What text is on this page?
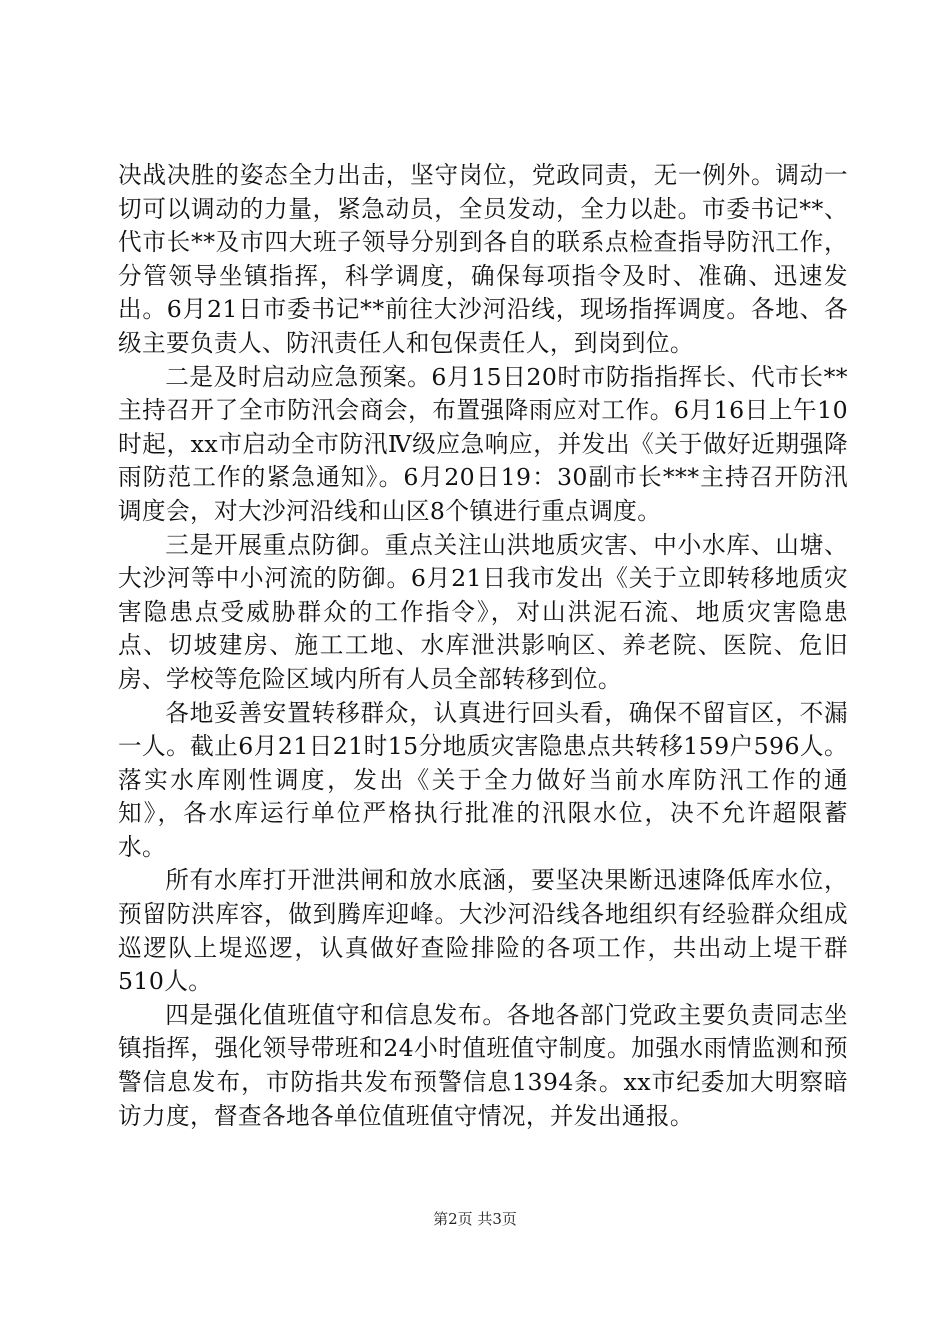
决战决胜的姿态全力出击，坚守岗位，党政同责，无一例外。调动一切可以调动的力量，紧急动员，全员发动，全力以赴。市委书记**、代市长**及市四大班子领导分别到各自的联系点检查指导防汛工作，分管领导坐镇指挥，科学调度，确保每项指令及时、准确、迅速发出。6月21日市委书记**前往大沙河沿线，现场指挥调度。各地、各级主要负责人、防汛责任人和包保责任人，到岗到位。

二是及时启动应急预案。6月15日20时市防指指挥长、代市长**主持召开了全市防汛会商会，布置强降雨应对工作。6月16日上午10时起，xx市启动全市防汛Ⅳ级应急响应，并发出《关于做好近期强降雨防范工作的紧急通知》。6月20日19：30副市长***主持召开防汛调度会，对大沙河沿线和山区8个镇进行重点调度。

三是开展重点防御。重点关注山洪地质灾害、中小水库、山塘、大沙河等中小河流的防御。6月21日我市发出《关于立即转移地质灾害隐患点受威胁群众的工作指令》，对山洪泥石流、地质灾害隐患点、切坡建房、施工工地、水库泄洪影响区、养老院、医院、危旧房、学校等危险区域内所有人员全部转移到位。

各地妥善安置转移群众，认真进行回头看，确保不留盲区，不漏一人。截止6月21日21时15分地质灾害隐患点共转移159户596人。落实水库刚性调度，发出《关于全力做好当前水库防汛工作的通知》，各水库运行单位严格执行批准的汛限水位，决不允许超限蓄水。

所有水库打开泄洪闸和放水底涵，要坚决果断迅速降低库水位，预留防洪库容，做到腾库迎峰。大沙河沿线各地组织有经验群众组成巡逻队上堤巡逻，认真做好查险排险的各项工作，共出动上堤干群510人。

四是强化值班值守和信息发布。各地各部门党政主要负责同志坐镇指挥，强化领导带班和24小时值班值守制度。加强水雨情监测和预警信息发布，市防指共发布预警信息1394条。xx市纪委加大明察暗访力度，督查各地各单位值班值守情况，并发出通报。

第2页 共3页
